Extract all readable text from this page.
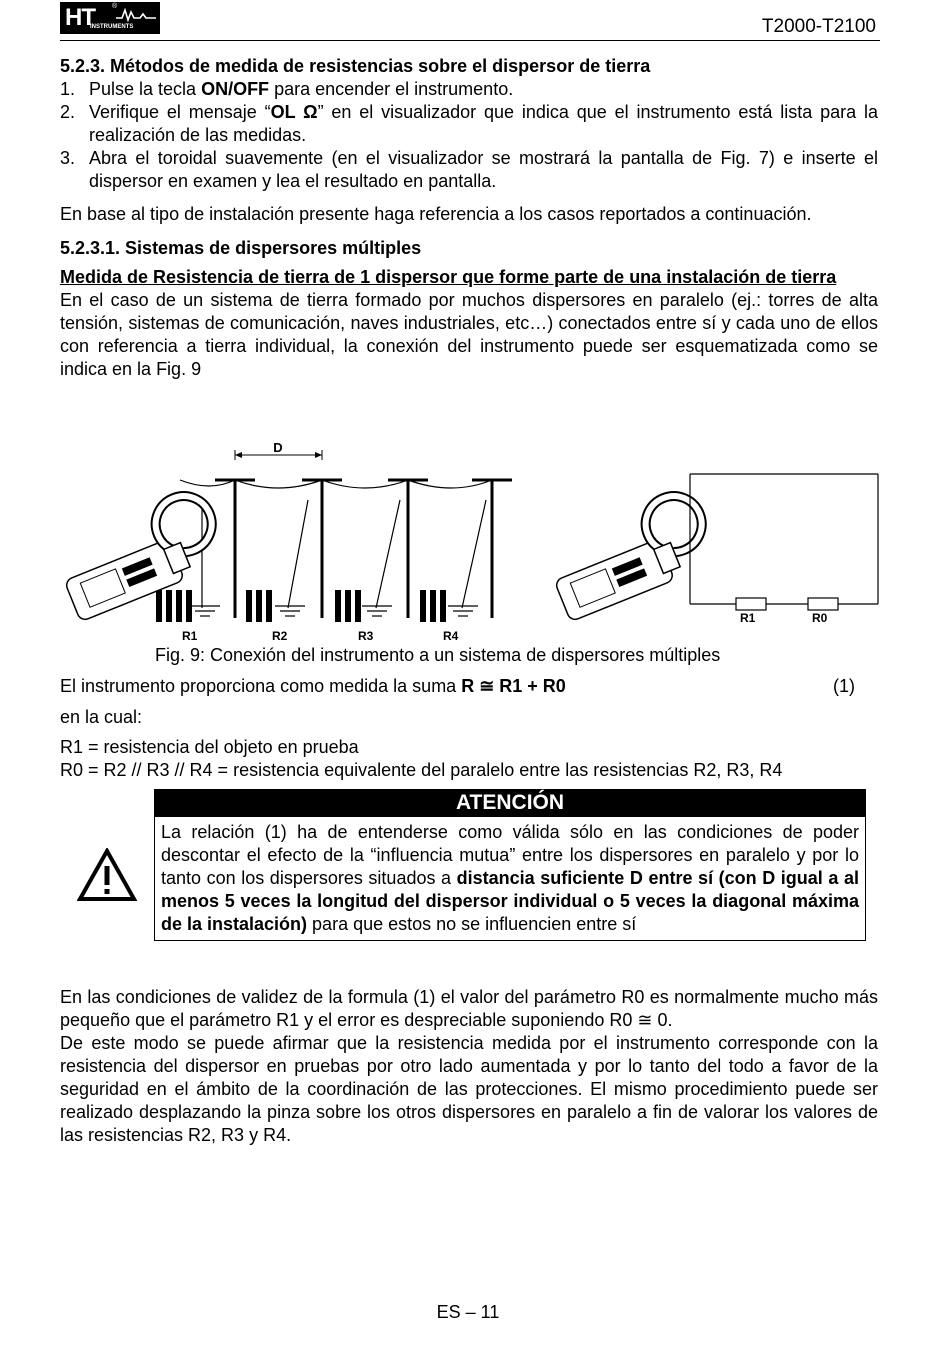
HT ®
INSTRUMENTS	T2000-T2100

5.2.3. Métodos de medida de resistencias sobre el dispersor de tierra

1. Pulse la tecla ON/OFF para encender el instrumento.
2. Verifique el mensaje “OL Ω” en el visualizador que indica que el instrumento está lista para la realización de las medidas.
3. Abra el toroidal suavemente (en el visualizador se mostrará la pantalla de Fig. 7) e inserte el dispersor en examen y lea el resultado en pantalla.

En base al tipo de instalación presente haga referencia a los casos reportados a continuación.

5.2.3.1. Sistemas de dispersores múltiples

Medida de Resistencia de tierra de 1 dispersor que forme parte de una instalación de tierra

En el caso de un sistema de tierra formado por muchos dispersores en paralelo (ej.: torres de alta tensión, sistemas de comunicación, naves industriales, etc…) conectados entre sí y cada uno de ellos con referencia a tierra individual, la conexión del instrumento puede ser esquematizada como se indica en la Fig. 9

D
R1	R2	R3	R4
R1	R0
Fig. 9: Conexión del instrumento a un sistema de dispersores múltiples
El instrumento proporciona como medida la suma R ≅ R1 + R0	(1)
en la cual:
R1 = resistencia del objeto en prueba
R0 = R2 // R3 // R4 = resistencia equivalente del paralelo entre las resistencias R2, R3, R4
ATENCIÓN
La relación (1) ha de entenderse como válida sólo en las condiciones de poder descontar el efecto de la “influencia mutua” entre los dispersores en paralelo y por lo tanto con los dispersores situados a distancia suficiente D entre sí (con D igual a al menos 5 veces la longitud del dispersor individual o 5 veces la diagonal máxima de la instalación) para que estos no se influencien entre sí

En las condiciones de validez de la formula (1) el valor del parámetro R0 es normalmente mucho más pequeño que el parámetro R1 y el error es despreciable suponiendo R0 ≅ 0.

De este modo se puede afirmar que la resistencia medida por el instrumento corresponde con la resistencia del dispersor en pruebas por otro lado aumentada y por lo tanto del todo a favor de la seguridad en el ámbito de la coordinación de las protecciones. El mismo procedimiento puede ser realizado desplazando la pinza sobre los otros dispersores en paralelo a fin de valorar los valores de las resistencias R2, R3 y R4.

ES – 11
